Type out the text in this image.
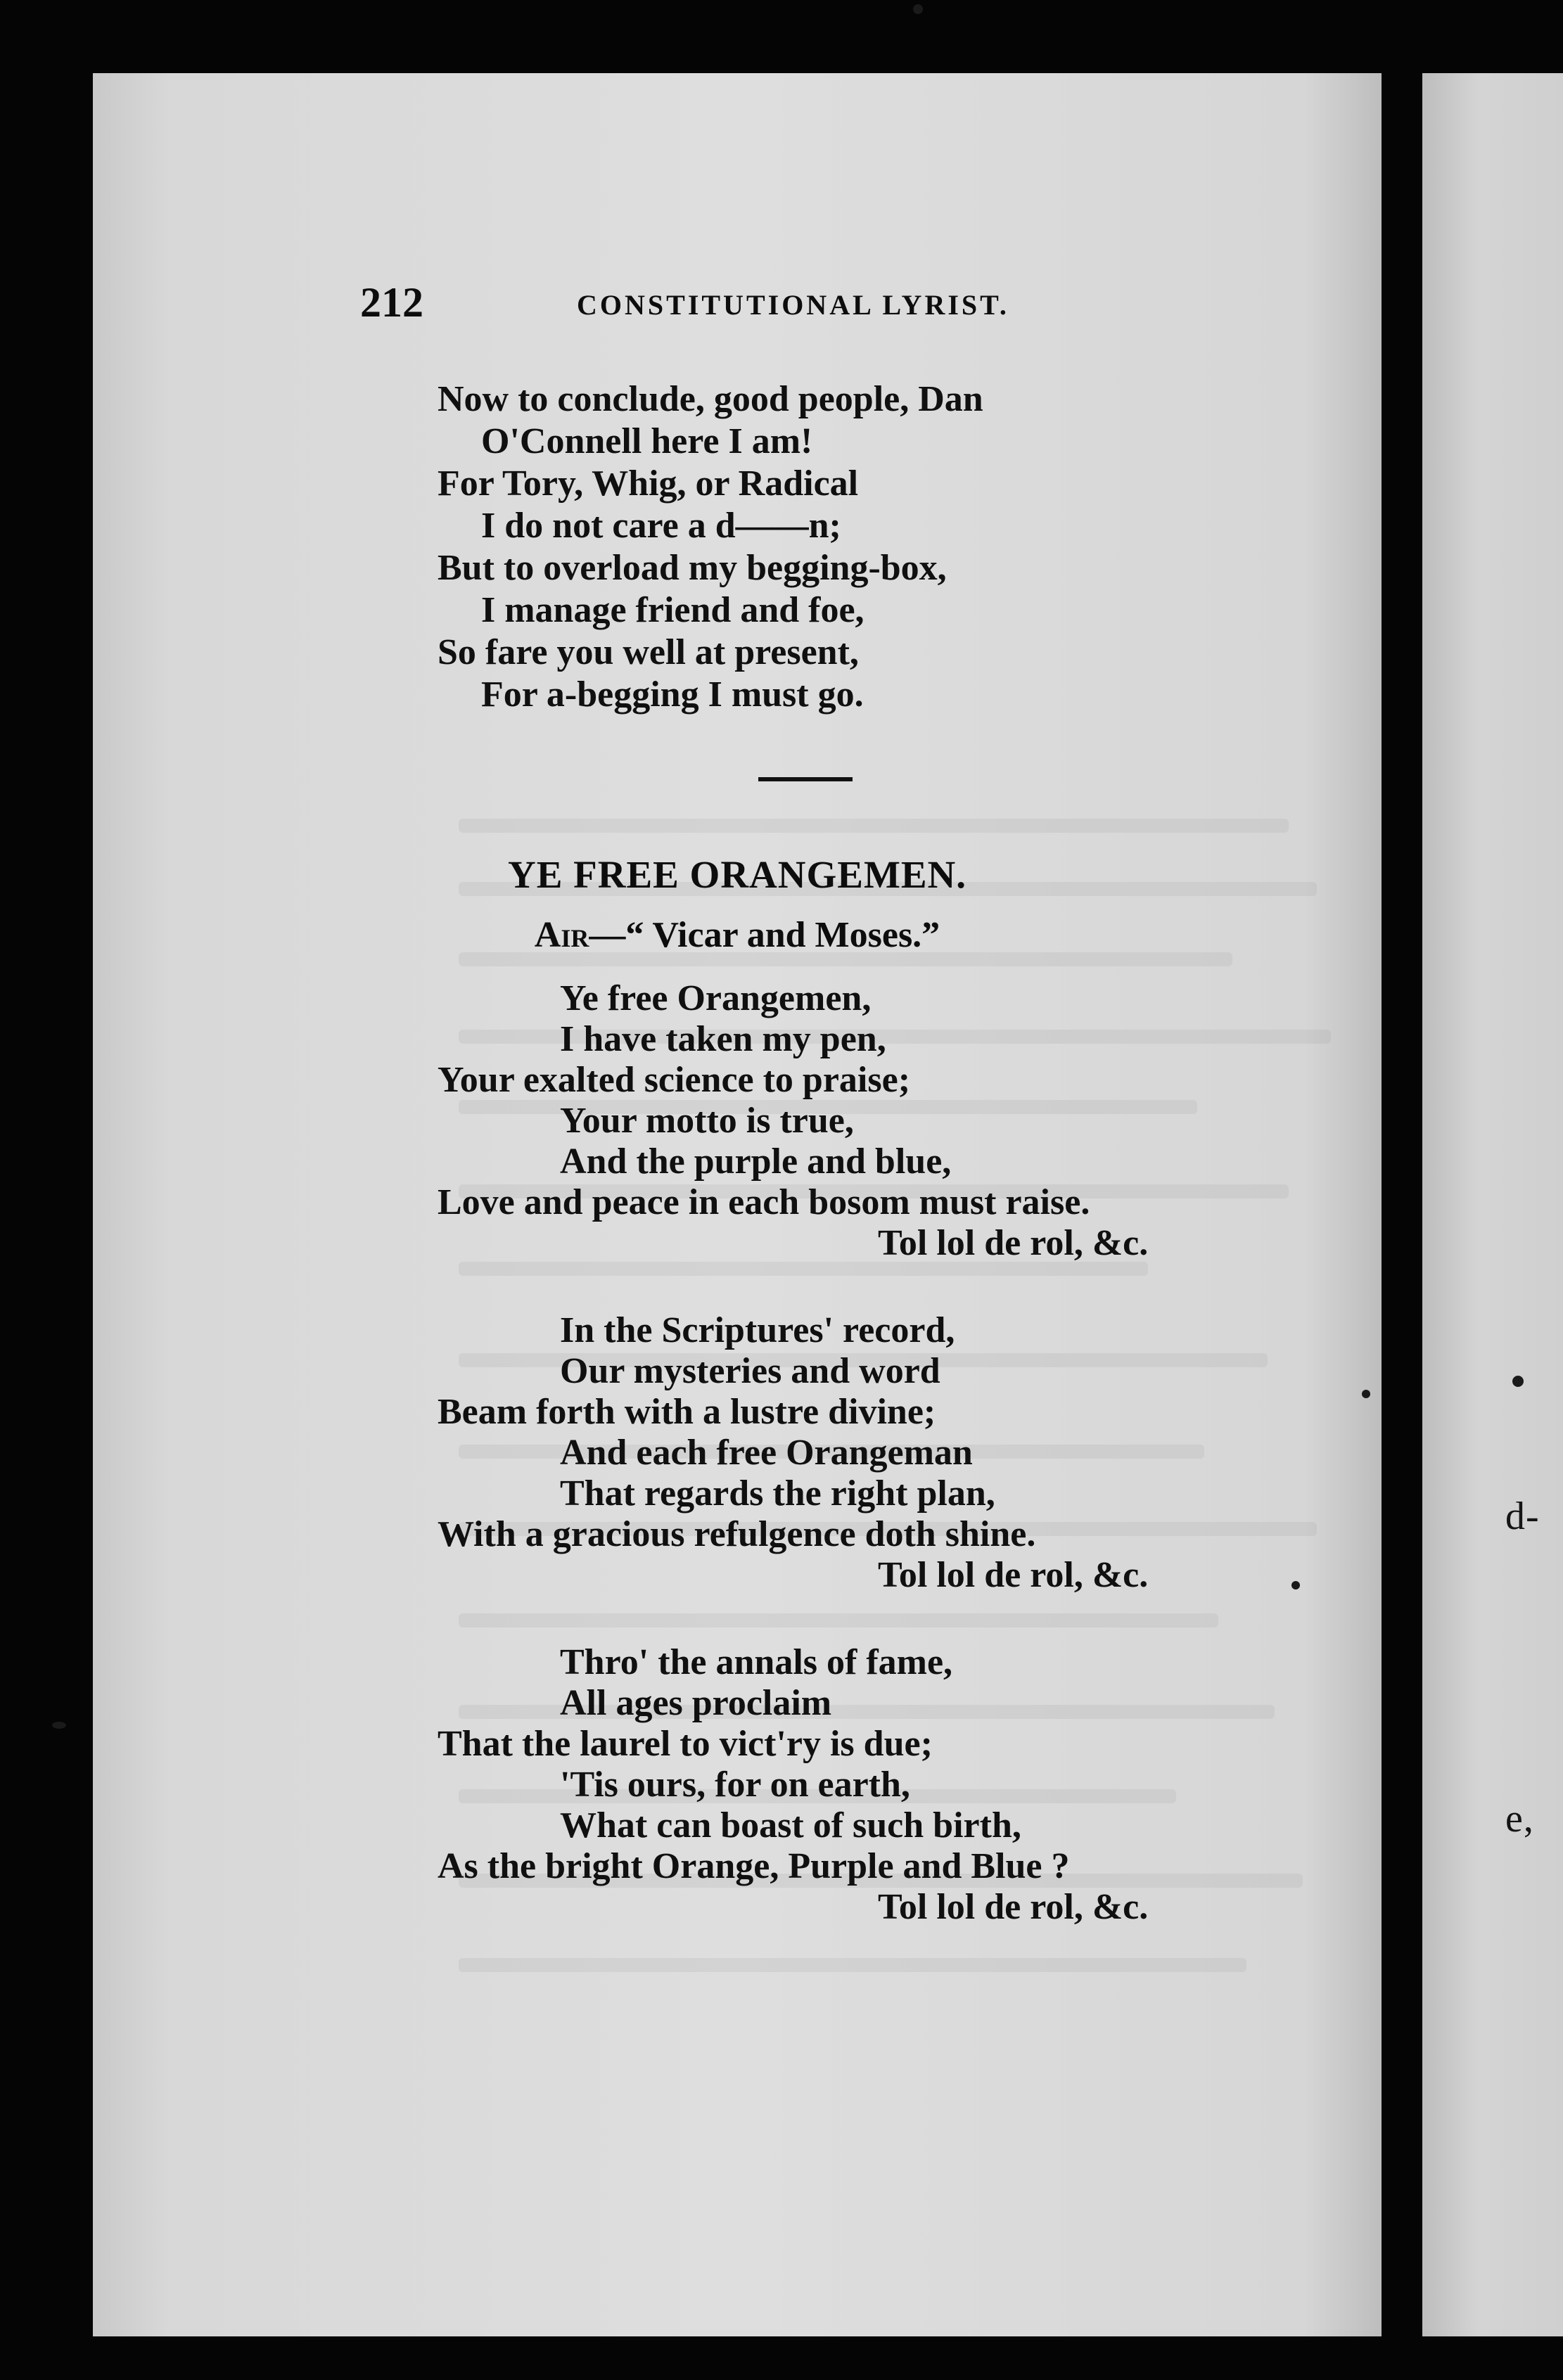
212	CONSTITUTIONAL LYRIST.
Now to conclude, good people, Dan
O'Connell here I am!
For Tory, Whig, or Radical
I do not care a d——n;
But to overload my begging-box,
I manage friend and foe,
So fare you well at present,
For a-begging I must go.
YE FREE ORANGEMEN.
Air—“ Vicar and Moses.”
Ye free Orangemen,
I have taken my pen,
Your exalted science to praise;
Your motto is true,
And the purple and blue,
Love and peace in each bosom must raise.
Tol lol de rol, &c.
In the Scriptures' record,
Our mysteries and word
Beam forth with a lustre divine;
And each free Orangeman
That regards the right plan,
With a gracious refulgence doth shine.
Tol lol de rol, &c.
Thro' the annals of fame,
All ages proclaim
That the laurel to vict'ry is due;
'Tis ours, for on earth,
What can boast of such birth,
As the bright Orange, Purple and Blue ?
Tol lol de rol, &c.
d-
e,
